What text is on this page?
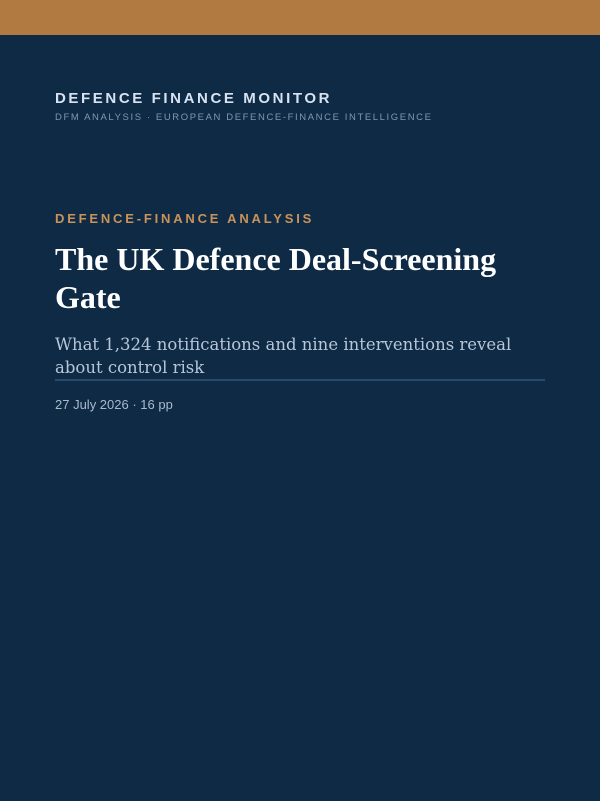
DEFENCE FINANCE MONITOR
DFM ANALYSIS · EUROPEAN DEFENCE-FINANCE INTELLIGENCE
DEFENCE-FINANCE ANALYSIS
The UK Defence Deal-Screening Gate
What 1,324 notifications and nine interventions reveal about control risk
27 July 2026 · 16 pp
